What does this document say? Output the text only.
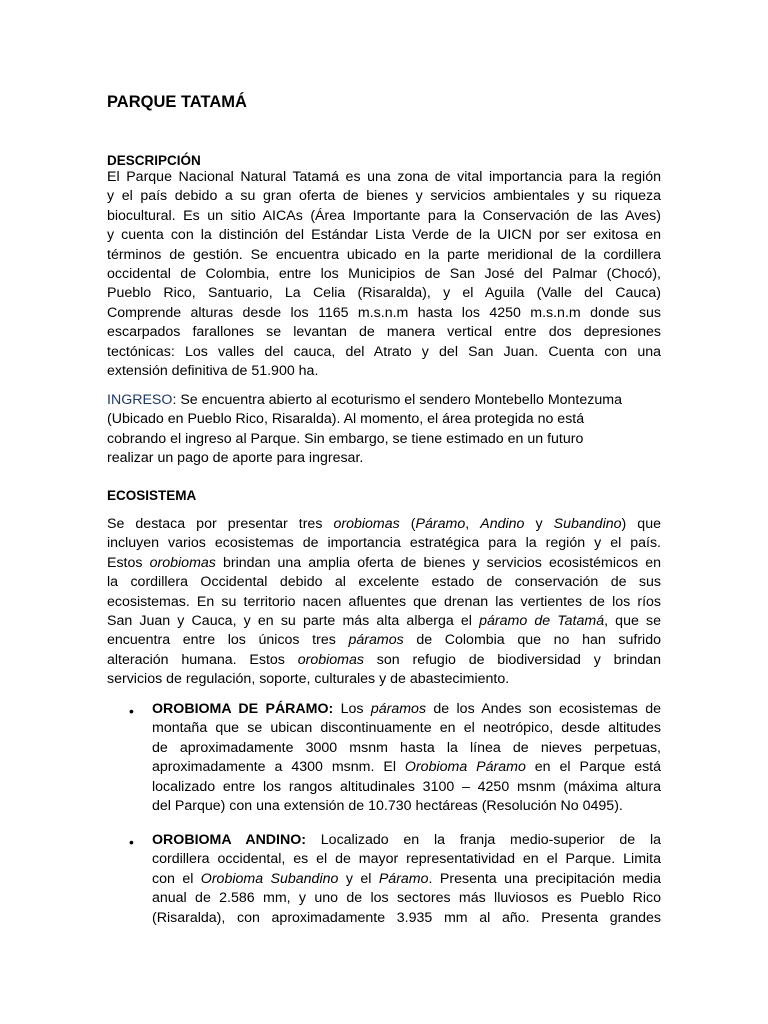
PARQUE TATAMÁ
DESCRIPCIÓN

El Parque Nacional Natural Tatamá es una zona de vital importancia para la región
y el país debido a su gran oferta de bienes y servicios ambientales y su riqueza
biocultural. Es un sitio AICAs (Área Importante para la Conservación de las Aves)
y cuenta con la distinción del Estándar Lista Verde de la UICN por ser exitosa en
términos de gestión. Se encuentra ubicado en la parte meridional de la cordillera
occidental de Colombia, entre los Municipios de San José del Palmar (Chocó),
Pueblo Rico, Santuario, La Celia (Risaralda), y el Aguila (Valle del Cauca)
Comprende alturas desde los 1165 m.s.n.m hasta los 4250 m.s.n.m donde sus
escarpados farallones se levantan de manera vertical entre dos depresiones
tectónicas: Los valles del cauca, del Atrato y del San Juan. Cuenta con una
extensión definitiva de 51.900 ha.

INGRESO: Se encuentra abierto al ecoturismo el sendero Montebello Montezuma
(Ubicado en Pueblo Rico, Risaralda). Al momento, el área protegida no está
cobrando el ingreso al Parque. Sin embargo, se tiene estimado en un futuro
realizar un pago de aporte para ingresar.

ECOSISTEMA

Se destaca por presentar tres orobiomas (Páramo, Andino y Subandino) que
incluyen varios ecosistemas de importancia estratégica para la región y el país.
Estos orobiomas brindan una amplia oferta de bienes y servicios ecosistémicos en
la cordillera Occidental debido al excelente estado de conservación de sus
ecosistemas. En su territorio nacen afluentes que drenan las vertientes de los ríos
San Juan y Cauca, y en su parte más alta alberga el páramo de Tatamá, que se
encuentra entre los únicos tres páramos de Colombia que no han sufrido
alteración humana. Estos orobiomas son refugio de biodiversidad y brindan
servicios de regulación, soporte, culturales y de abastecimiento.

• OROBIOMA DE PÁRAMO: Los páramos de los Andes son ecosistemas de
montaña que se ubican discontinuamente en el neotrópico, desde altitudes
de aproximadamente 3000 msnm hasta la línea de nieves perpetuas,
aproximadamente a 4300 msnm. El Orobioma Páramo en el Parque está
localizado entre los rangos altitudinales 3100 – 4250 msnm (máxima altura
del Parque) con una extensión de 10.730 hectáreas (Resolución No 0495).

• OROBIOMA ANDINO: Localizado en la franja medio-superior de la
cordillera occidental, es el de mayor representatividad en el Parque. Limita
con el Orobioma Subandino y el Páramo. Presenta una precipitación media
anual de 2.586 mm, y uno de los sectores más lluviosos es Pueblo Rico
(Risaralda), con aproximadamente 3.935 mm al año. Presenta grandes
